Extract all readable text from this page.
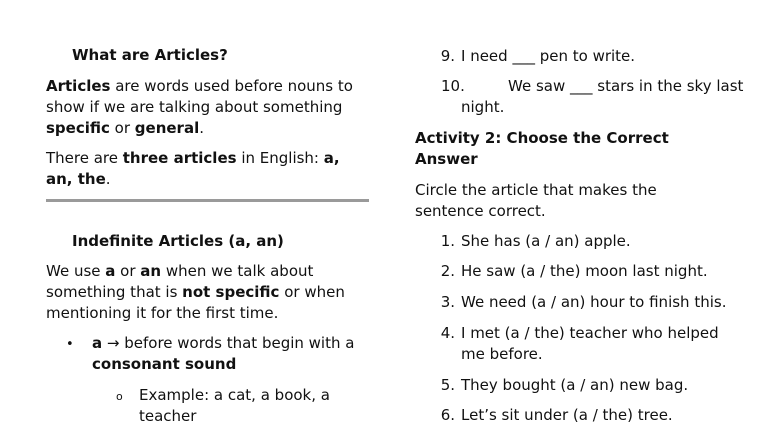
What are Articles?

Articles are words used before nouns to show if we are talking about something specific or general.

There are three articles in English: a, an, the.

Indefinite Articles (a, an)

We use a or an when we talk about something that is not specific or when mentioning it for the first time.

• a → before words that begin with a consonant sound

o Example: a cat, a book, a teacher

9. I need ___ pen to write.
10.	We saw ___ stars in the sky last night.
Activity 2: Choose the Correct Answer

Circle the article that makes the sentence correct.

1. She has (a / an) apple.
2. He saw (a / the) moon last night.
3. We need (a / an) hour to finish this.
4. I met (a / the) teacher who helped me before.
5. They bought (a / an) new bag.
6. Let’s sit under (a / the) tree.
